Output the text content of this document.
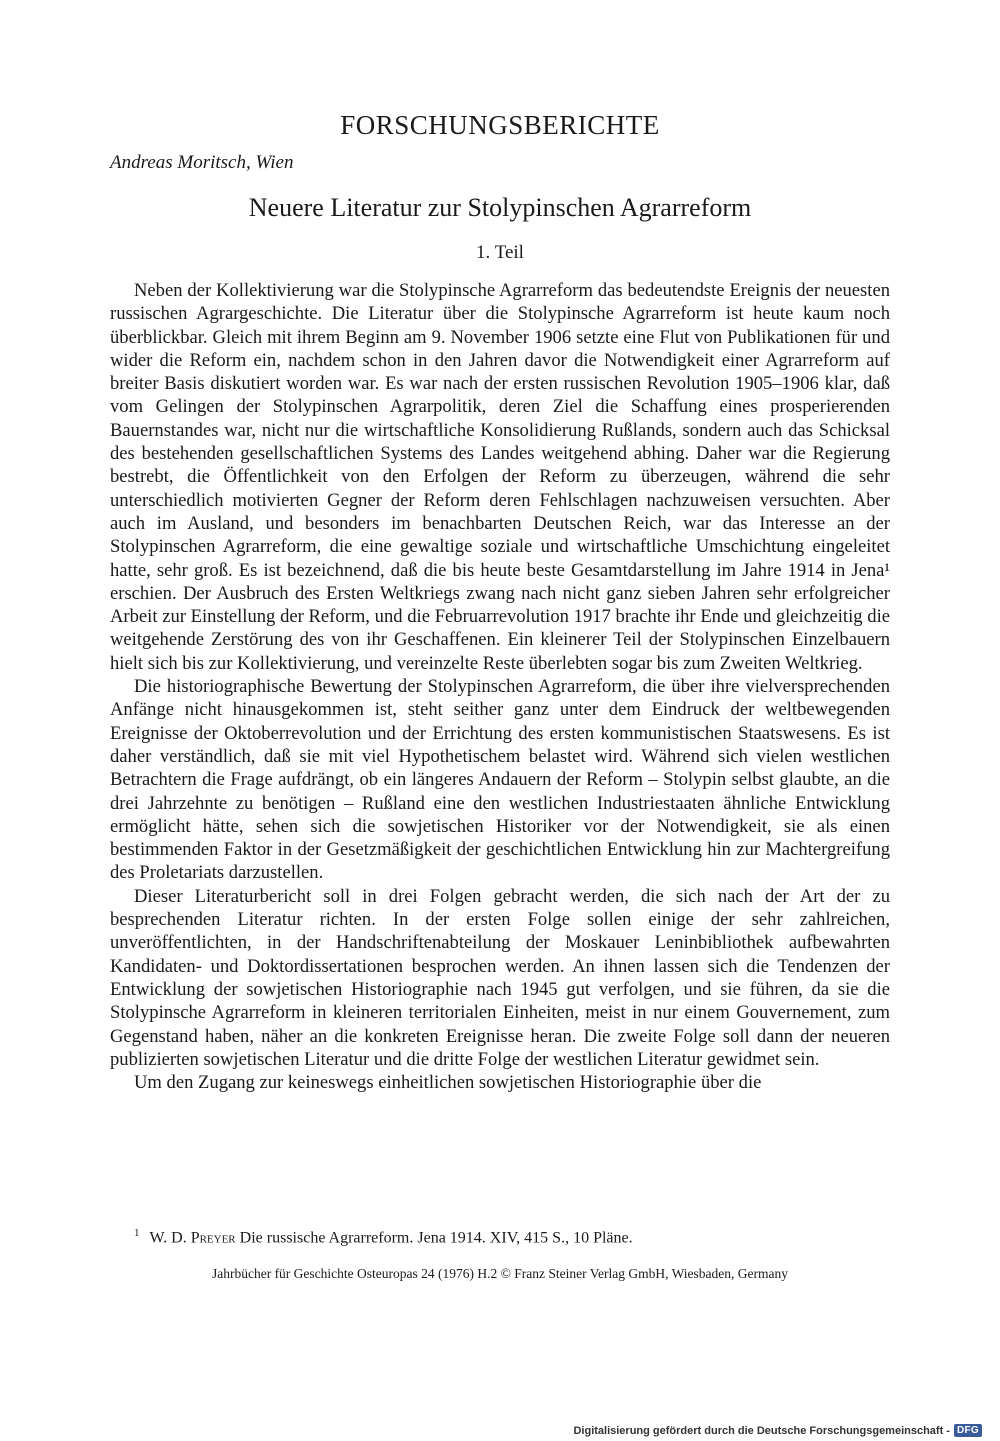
FORSCHUNGSBERICHTE
Andreas Moritsch, Wien
Neuere Literatur zur Stolypinschen Agrarreform
1. Teil

Neben der Kollektivierung war die Stolypinsche Agrarreform das bedeutendste Ereignis der neuesten russischen Agrargeschichte. Die Literatur über die Stolypinsche Agrarreform ist heute kaum noch überblickbar. Gleich mit ihrem Beginn am 9. November 1906 setzte eine Flut von Publikationen für und wider die Reform ein, nachdem schon in den Jahren davor die Notwendigkeit einer Agrarreform auf breiter Basis diskutiert worden war. Es war nach der ersten russischen Revolution 1905–1906 klar, daß vom Gelingen der Stolypinschen Agrarpolitik, deren Ziel die Schaffung eines prosperierenden Bauernstandes war, nicht nur die wirtschaftliche Konsolidierung Rußlands, sondern auch das Schicksal des bestehenden gesellschaftlichen Systems des Landes weitgehend abhing. Daher war die Regierung bestrebt, die Öffentlichkeit von den Erfolgen der Reform zu überzeugen, während die sehr unterschiedlich motivierten Gegner der Reform deren Fehlschlagen nachzuweisen versuchten. Aber auch im Ausland, und besonders im benachbarten Deutschen Reich, war das Interesse an der Stolypinschen Agrarreform, die eine gewaltige soziale und wirtschaftliche Umschichtung eingeleitet hatte, sehr groß. Es ist bezeichnend, daß die bis heute beste Gesamtdarstellung im Jahre 1914 in Jena¹ erschien. Der Ausbruch des Ersten Weltkriegs zwang nach nicht ganz sieben Jahren sehr erfolgreicher Arbeit zur Einstellung der Reform, und die Februarrevolution 1917 brachte ihr Ende und gleichzeitig die weitgehende Zerstörung des von ihr Geschaffenen. Ein kleinerer Teil der Stolypinschen Einzelbauern hielt sich bis zur Kollektivierung, und vereinzelte Reste überlebten sogar bis zum Zweiten Weltkrieg.

Die historiographische Bewertung der Stolypinschen Agrarreform, die über ihre vielversprechenden Anfänge nicht hinausgekommen ist, steht seither ganz unter dem Eindruck der weltbewegenden Ereignisse der Oktoberrevolution und der Errichtung des ersten kommunistischen Staatswesens. Es ist daher verständlich, daß sie mit viel Hypothetischem belastet wird. Während sich vielen westlichen Betrachtern die Frage aufdrängt, ob ein längeres Andauern der Reform – Stolypin selbst glaubte, an die drei Jahrzehnte zu benötigen – Rußland eine den westlichen Industriestaaten ähnliche Entwicklung ermöglicht hätte, sehen sich die sowjetischen Historiker vor der Notwendigkeit, sie als einen bestimmenden Faktor in der Gesetzmäßigkeit der geschichtlichen Entwicklung hin zur Machtergreifung des Proletariats darzustellen.

Dieser Literaturbericht soll in drei Folgen gebracht werden, die sich nach der Art der zu besprechenden Literatur richten. In der ersten Folge sollen einige der sehr zahlreichen, unveröffentlichten, in der Handschriftenabteilung der Moskauer Leninbibliothek aufbewahrten Kandidaten- und Doktordissertationen besprochen werden. An ihnen lassen sich die Tendenzen der Entwicklung der sowjetischen Historiographie nach 1945 gut verfolgen, und sie führen, da sie die Stolypinsche Agrarreform in kleineren territorialen Einheiten, meist in nur einem Gouvernement, zum Gegenstand haben, näher an die konkreten Ereignisse heran. Die zweite Folge soll dann der neueren publizierten sowjetischen Literatur und die dritte Folge der westlichen Literatur gewidmet sein.

Um den Zugang zur keineswegs einheitlichen sowjetischen Historiographie über die

$^1$ W. D. Preyer Die russische Agrarreform. Jena 1914. XIV, 415 S., 10 Pläne.
Jahrbücher für Geschichte Osteuropas 24 (1976) H.2 © Franz Steiner Verlag GmbH, Wiesbaden, Germany
Digitalisierung gefördert durch die Deutsche Forschungsgemeinschaft - DFG
